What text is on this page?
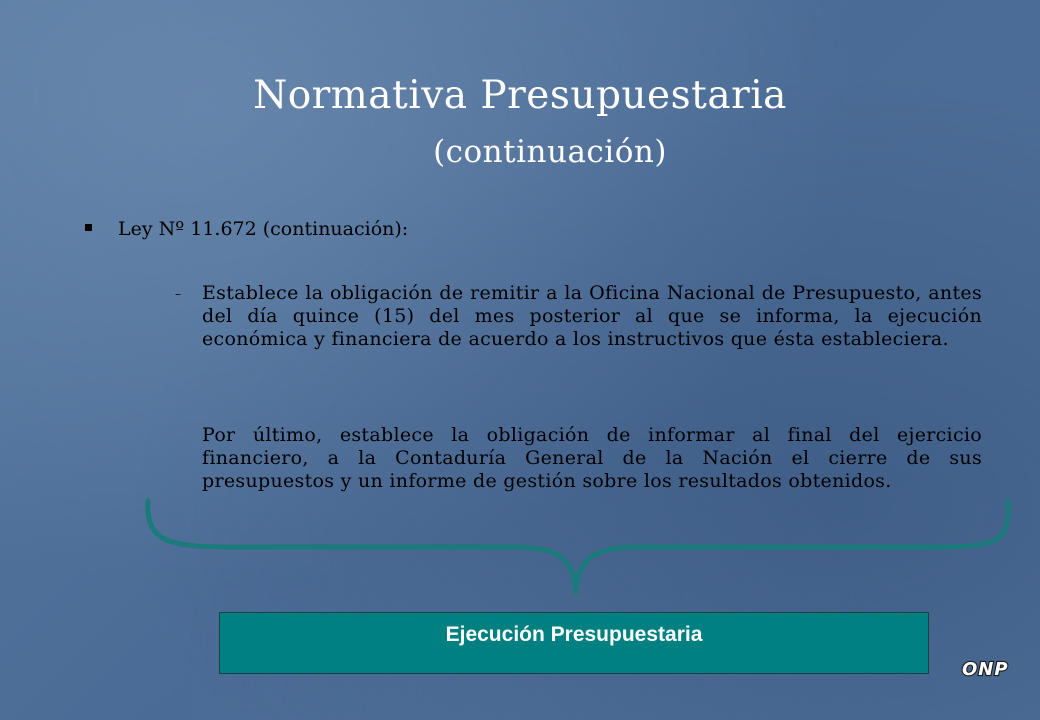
Normativa Presupuestaria
(continuación)
Ley Nº 11.672 (continuación):
– Establece la obligación de remitir a la Oficina Nacional de Presupuesto, antes del día quince (15) del mes posterior al que se informa, la ejecución económica y financiera de acuerdo a los instructivos que ésta estableciera.
Por último, establece la obligación de informar al final del ejercicio financiero, a la Contaduría General de la Nación el cierre de sus presupuestos y un informe de gestión sobre los resultados obtenidos.
Ejecución Presupuestaria
ONP
